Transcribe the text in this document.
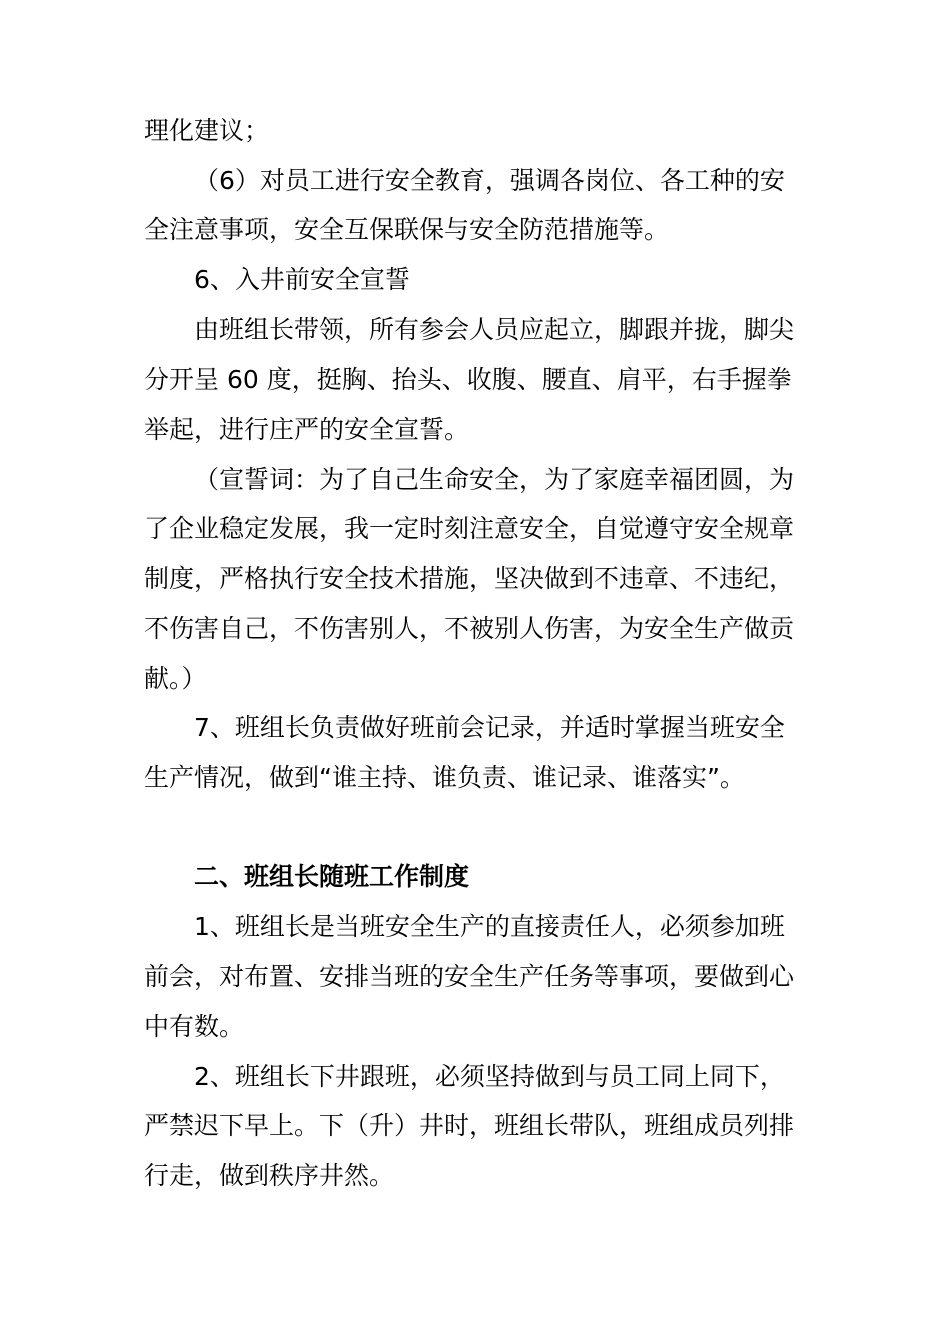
理化建议；
（6）对员工进行安全教育，强调各岗位、各工种的安
全注意事项，安全互保联保与安全防范措施等。
6、入井前安全宣誓
由班组长带领，所有参会人员应起立，脚跟并拢，脚尖
分开呈 60 度，挺胸、抬头、收腹、腰直、肩平，右手握拳
举起，进行庄严的安全宣誓。
（宣誓词：为了自己生命安全，为了家庭幸福团圆，为
了企业稳定发展，我一定时刻注意安全，自觉遵守安全规章
制度，严格执行安全技术措施，坚决做到不违章、不违纪，
不伤害自己，不伤害别人，不被别人伤害，为安全生产做贡
献。）
7、班组长负责做好班前会记录，并适时掌握当班安全
生产情况，做到“谁主持、谁负责、谁记录、谁落实”。
二、班组长随班工作制度
1、班组长是当班安全生产的直接责任人，必须参加班
前会，对布置、安排当班的安全生产任务等事项，要做到心
中有数。
2、班组长下井跟班，必须坚持做到与员工同上同下，
严禁迟下早上。下（升）井时，班组长带队，班组成员列排
行走，做到秩序井然。
